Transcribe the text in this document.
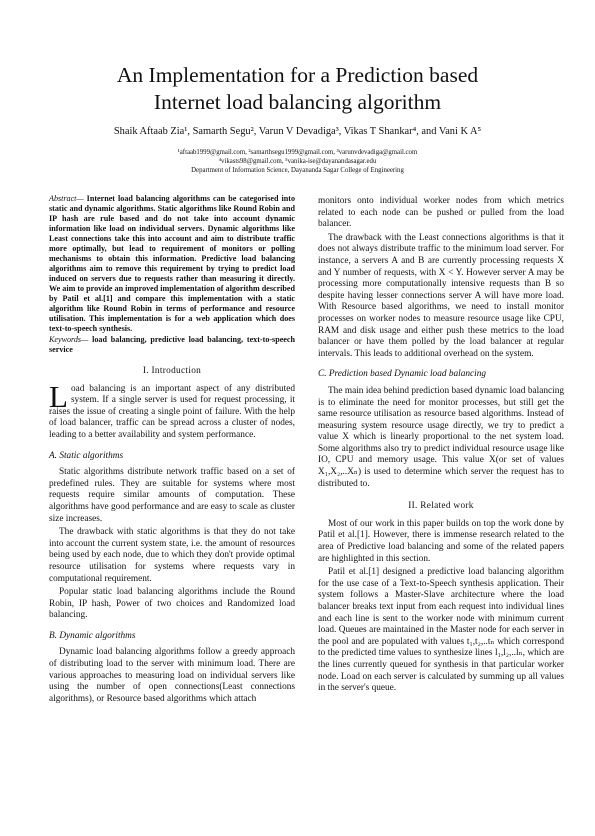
An Implementation for a Prediction based
Internet load balancing algorithm
Shaik Aftaab Zia¹, Samarth Segu², Varun V Devadiga³, Vikas T Shankar⁴, and Vani K A⁵
¹aftaab1999@gmail.com, ²samarthsegu1999@gmail.com, ³varunvdevadiga@gmail.com
⁴vikasts98@gmail.com, ⁵vanika-ise@dayanandasagar.edu
Department of Information Science, Dayananda Sagar College of Engineering
Abstract— Internet load balancing algorithms can be categorised into static and dynamic algorithms. Static algorithms like Round Robin and IP hash are rule based and do not take into account dynamic information like load on individual servers. Dynamic algorithms like Least connections take this into account and aim to distribute traffic more optimally, but lead to requirement of monitors or polling mechanisms to obtain this information. Predictive load balancing algorithms aim to remove this requirement by trying to predict load induced on servers due to requests rather than measuring it directly. We aim to provide an improved implementation of algorithm described by Patil et al.[1] and compare this implementation with a static algorithm like Round Robin in terms of performance and resource utilisation. This implementation is for a web application which does text-to-speech synthesis.
Keywords— load balancing, predictive load balancing, text-to-speech service
I. Introduction

Load balancing is an important aspect of any distributed system. If a single server is used for request processing, it raises the issue of creating a single point of failure. With the help of load balancer, traffic can be spread across a cluster of nodes, leading to a better availability and system performance.

A. Static algorithms

Static algorithms distribute network traffic based on a set of predefined rules. They are suitable for systems where most requests require similar amounts of computation. These algorithms have good performance and are easy to scale as cluster size increases.

The drawback with static algorithms is that they do not take into account the current system state, i.e. the amount of resources being used by each node, due to which they don't provide optimal resource utilisation for systems where requests vary in computational requirement.

Popular static load balancing algorithms include the Round Robin, IP hash, Power of two choices and Randomized load balancing.

B. Dynamic algorithms

Dynamic load balancing algorithms follow a greedy approach of distributing load to the server with minimum load. There are various approaches to measuring load on individual servers like using the number of open connections(Least connections algorithms), or Resource based algorithms which attach

monitors onto individual worker nodes from which metrics related to each node can be pushed or pulled from the load balancer.

The drawback with the Least connections algorithms is that it does not always distribute traffic to the minimum load server. For instance, a servers A and B are currently processing requests X and Y number of requests, with X < Y. However server A may be processing more computationally intensive requests than B so despite having lesser connections server A will have more load. With Resource based algorithms, we need to install monitor processes on worker nodes to measure resource usage like CPU, RAM and disk usage and either push these metrics to the load balancer or have them polled by the load balancer at regular intervals. This leads to additional overhead on the system.

C. Prediction based Dynamic load balancing

The main idea behind prediction based dynamic load balancing is to eliminate the need for monitor processes, but still get the same resource utilisation as resource based algorithms. Instead of measuring system resource usage directly, we try to predict a value X which is linearly proportional to the net system load. Some algorithms also try to predict individual resource usage like IO, CPU and memory usage. This value X(or set of values X₁,X₂,..Xₙ) is used to determine which server the request has to distributed to.

II. Related work

Most of our work in this paper builds on top the work done by Patil et al.[1]. However, there is immense research related to the area of Predictive load balancing and some of the related papers are highlighted in this section.

Patil et al.[1] designed a predictive load balancing algorithm for the use case of a Text-to-Speech synthesis application. Their system follows a Master-Slave architecture where the load balancer breaks text input from each request into individual lines and each line is sent to the worker node with minimum current load. Queues are maintained in the Master node for each server in the pool and are populated with values t₁,t₂,..tₙ which correspond to the predicted time values to synthesize lines l₁,l₂,..lₙ, which are the lines currently queued for synthesis in that particular worker node. Load on each server is calculated by summing up all values in the server's queue.
